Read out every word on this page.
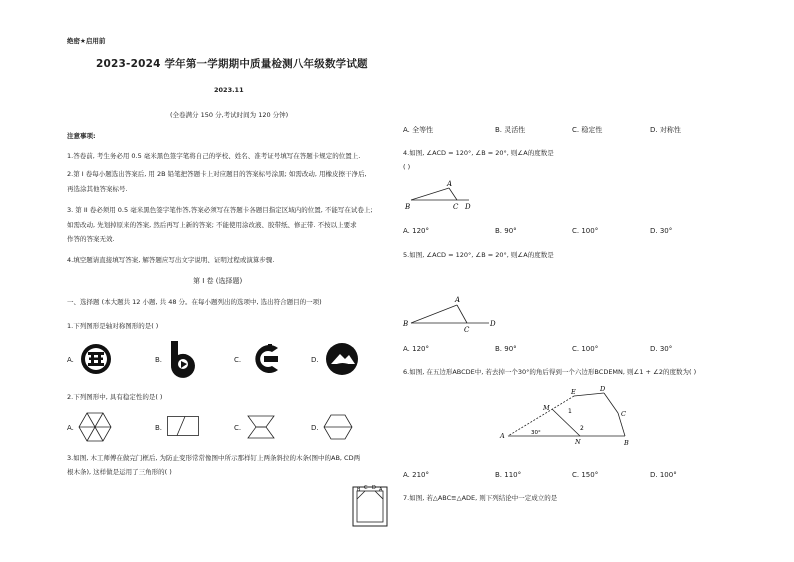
绝密★启用前
2023-2024 学年第一学期期中质量检测八年级数学试题
2023.11
(全卷满分 150 分,考试时间为 120 分钟)
注意事项:
1.答卷前, 考生务必用 0.5 毫米黑色签字笔将自己的学校、姓名、准考证号填写在答题卡规定的位置上.
2.第 I 卷每小题选出答案后, 用 2B 铅笔把答题卡上对应题目的答案标号涂黑; 如需改动, 用橡皮擦干净后,
再选涂其他答案标号.
3. 第 II 卷必须用 0.5 毫米黑色签字笔作答,答案必须写在答题卡各题目指定区域内的位置, 不能写在试卷上;
如需改动, 先划掉原来的答案, 然后再写上新的答案; 不能使用涂改液、胶带纸、修正带. 不按以上要求
作答的答案无效.
4.填空题请直接填写答案, 解答题应写出文字说明、证明过程或演算步骤.
第 I 卷 (选择题)
一、选择题 (本大题共 12 小题, 共 48 分。在每小题列出的选项中, 选出符合题目的一项)
1.下列图形是轴对称图形的是( )
A.	B.	C.	D.
2.下列图形中, 具有稳定性的是( )
A.	B.	C.	D.
3.如图, 木工师傅在做完门框后, 为防止变形常常像图中所示那样钉上两条斜拉的木条(图中的AB, CD两
根木条), 这样做是运用了三角形的( )
B C D A
A. 全等性	B. 灵活性	C. 稳定性	D. 对称性
4.如图, ∠ACD = 120°, ∠B = 20°, 则∠A的度数是
( )
A
B	C D
A. 120°	B. 90°	C. 100°	D. 30°
5.如图, ∠ACD = 120°, ∠B = 20°, 则∠A的度数是
A
B
C
D
A. 120°	B. 90°	C. 100°	D. 30°
6.如图, 在五边形ABCDE中, 若去掉一个30°的角后得到一个六边形BCDEMN, 则∠1 + ∠2的度数为( )
A
B
C
D
E
M
N
1
2
30°
A. 210°	B. 110°	C. 150°	D. 100°
7.如图, 若△ABC≌△ADE, 则下列结论中一定成立的是
